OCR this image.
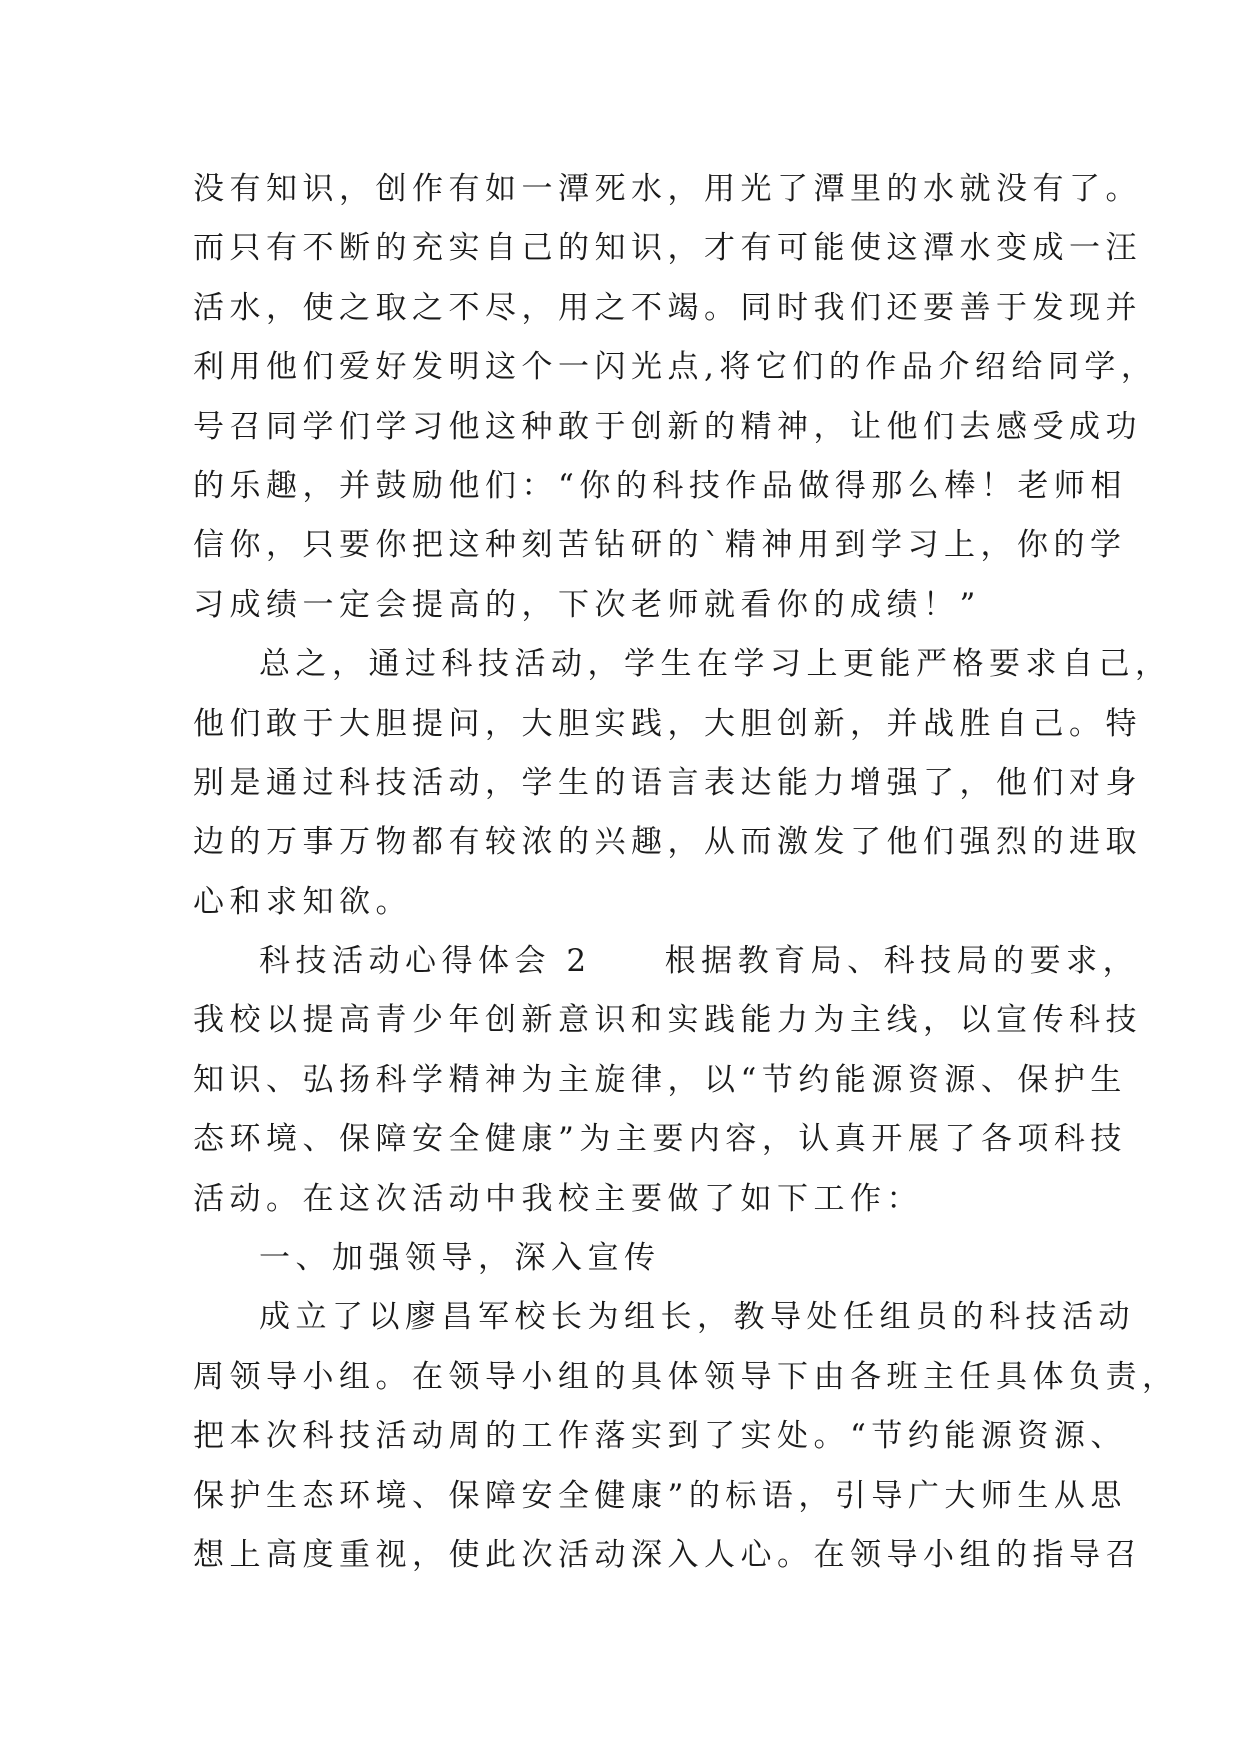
没有知识，创作有如一潭死水，用光了潭里的水就没有了。
而只有不断的充实自己的知识，才有可能使这潭水变成一汪
活水，使之取之不尽，用之不竭。同时我们还要善于发现并
利用他们爱好发明这个一闪光点,将它们的作品介绍给同学，
号召同学们学习他这种敢于创新的精神，让他们去感受成功
的乐趣，并鼓励他们：“你的科技作品做得那么棒！老师相
信你，只要你把这种刻苦钻研的`精神用到学习上，你的学
习成绩一定会提高的，下次老师就看你的成绩！”
总之，通过科技活动，学生在学习上更能严格要求自己，
他们敢于大胆提问，大胆实践，大胆创新，并战胜自己。特
别是通过科技活动，学生的语言表达能力增强了，他们对身
边的万事万物都有较浓的兴趣，从而激发了他们强烈的进取
心和求知欲。
科技活动心得体会 2　　根据教育局、科技局的要求，
我校以提高青少年创新意识和实践能力为主线，以宣传科技
知识、弘扬科学精神为主旋律，以“节约能源资源、保护生
态环境、保障安全健康”为主要内容，认真开展了各项科技
活动。在这次活动中我校主要做了如下工作：
一、加强领导，深入宣传
成立了以廖昌军校长为组长，教导处任组员的科技活动
周领导小组。在领导小组的具体领导下由各班主任具体负责，
把本次科技活动周的工作落实到了实处。“节约能源资源、
保护生态环境、保障安全健康”的标语，引导广大师生从思
想上高度重视，使此次活动深入人心。在领导小组的指导召
